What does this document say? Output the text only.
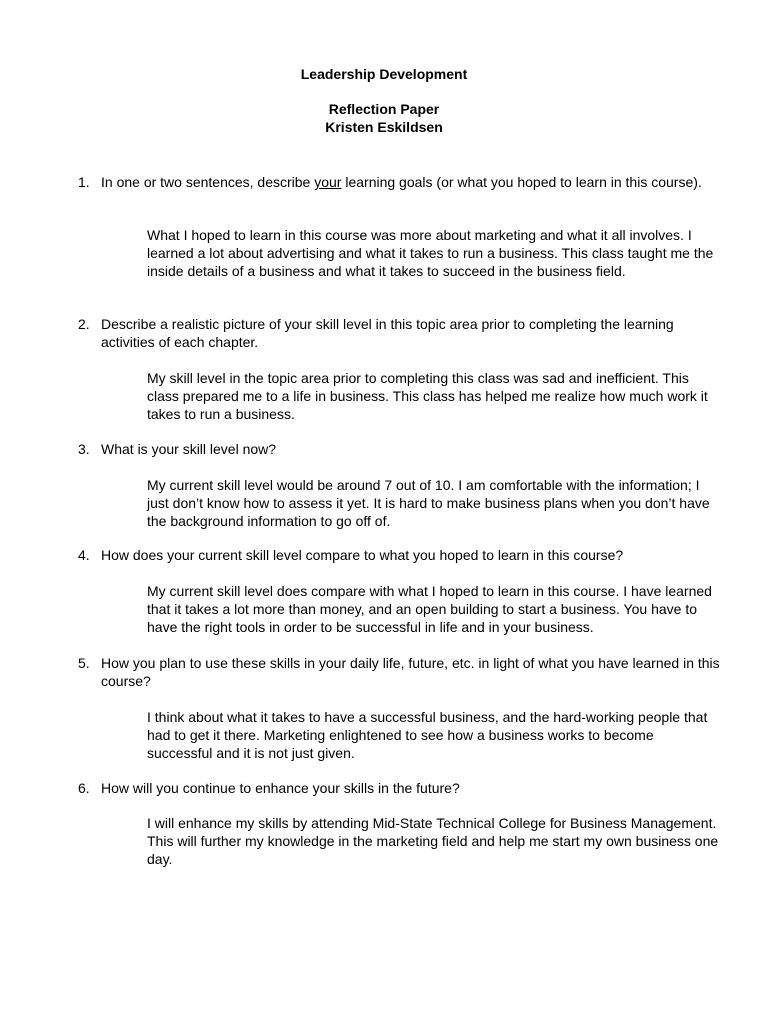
Leadership Development
Reflection Paper
Kristen Eskildsen
1. In one or two sentences, describe your learning goals (or what you hoped to learn in this course).
What I hoped to learn in this course was more about marketing and what it all involves. I learned a lot about advertising and what it takes to run a business. This class taught me the inside details of a business and what it takes to succeed in the business field.
2. Describe a realistic picture of your skill level in this topic area prior to completing the learning activities of each chapter.
My skill level in the topic area prior to completing this class was sad and inefficient. This class prepared me to a life in business. This class has helped me realize how much work it takes to run a business.
3. What is your skill level now?
My current skill level would be around 7 out of 10. I am comfortable with the information; I just don’t know how to assess it yet. It is hard to make business plans when you don’t have the background information to go off of.
4. How does your current skill level compare to what you hoped to learn in this course?
My current skill level does compare with what I hoped to learn in this course. I have learned that it takes a lot more than money, and an open building to start a business. You have to have the right tools in order to be successful in life and in your business.
5. How you plan to use these skills in your daily life, future, etc. in light of what you have learned in this course?
I think about what it takes to have a successful business, and the hard-working people that had to get it there. Marketing enlightened to see how a business works to become successful and it is not just given.
6. How will you continue to enhance your skills in the future?
I will enhance my skills by attending Mid-State Technical College for Business Management. This will further my knowledge in the marketing field and help me start my own business one day.
